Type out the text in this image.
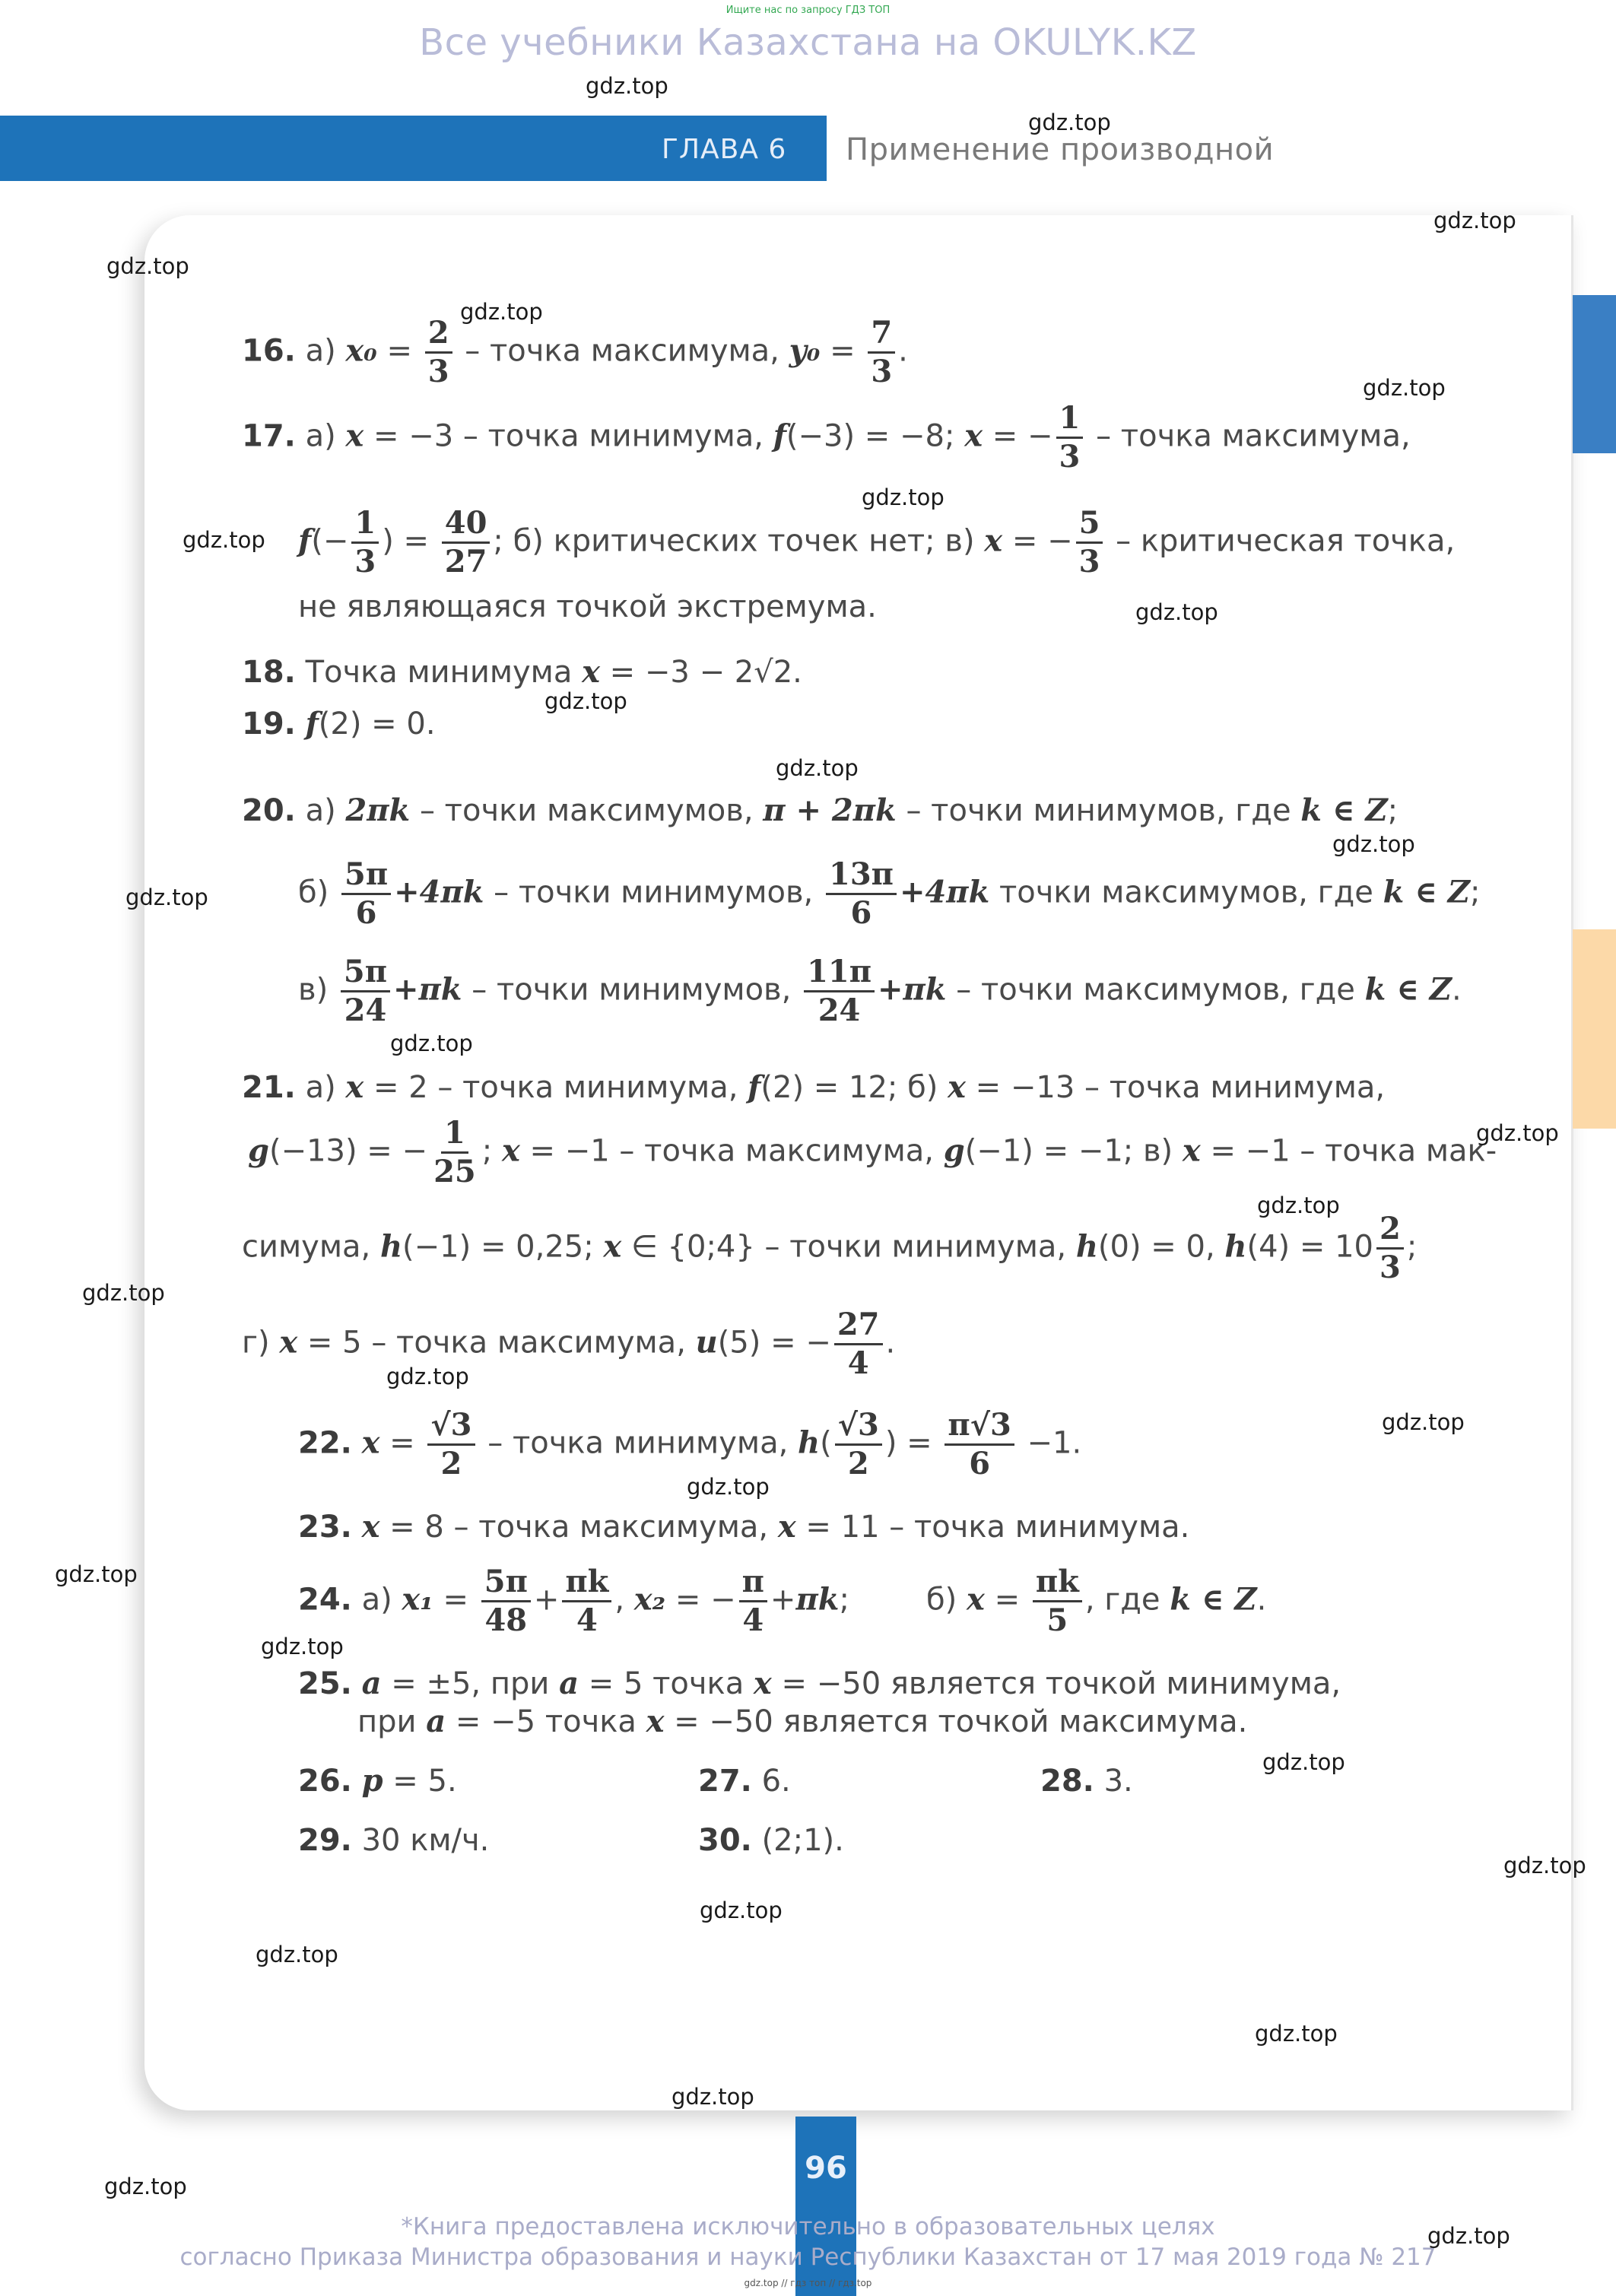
Ищите нас по запросу ГДЗ ТОП
Все учебники Казахстана на OKULYK.KZ
ГЛАВА 6 Применение производной
16. а) $x_0 = \frac{2}{3}$ – точка максимума, $y_0 = \frac{7}{3}$ .
17. а) x = −3 – точка минимума, f(−3) = −8; x = − $\frac{1}{3}$ – точка максимума,
$f(- \frac{1}{3}$ ) = $\frac{40}{27}$ ; б) критических точек нет; в) x = − $\frac{5}{3}$ – критическая точка,
не являющаяся точкой экстремума.
18. Точка минимума x = −3 − 2√2.
19. f(2) = 0.
20. а) 2πk – точки максимумов, π + 2πk – точки минимумов, где k ∈ Z;
$б) \frac{5\pi}{6} +4\pi k$ – точки минимумов, $\frac{13\pi}{6} +4\pi k$ точки максимумов, где k ∈ Z;
$в) \frac{5\pi}{24} +\pi k$ – точки минимумов, $\frac{11\pi}{24} +\pi k$ – точки максимумов, где k ∈ Z.
21. а) x = 2 – точка минимума, f(2) = 12; б) x = −13 – точка минимума,
g(−13) = − $\frac{1}{25}$ ; x = −1 – точка максимума, g(−1) = −1; в) x = −1 – точка мак-
симума, h(−1) = 0,25; x ∈ {0;4} – точки минимума, h(0) = 0, $h(4) = 10 \frac{2}{3}$ ;
г) x = 5 – точка максимума, u(5) = − $\frac{27}{4}$ .
22. $x = \frac{√3}{2}$ – точка минимума, $h( \frac{√3}{2}$ ) = $\frac{\pi√3}{6} -1$.
23. x = 8 – точка максимума, x = 11 – точка минимума.
24. а) $x_1 = \frac{5\pi}{48} + \frac{\pi k}{4}$ , x₂ = − $\frac{\pi}{4} +\pi k$;	б) $x = \frac{\pi k}{5}$ , где k ∈ Z.
25. a = ±5, при a = 5 точка x = −50 является точкой минимума,
при a = −5 точка x = −50 является точкой максимума.
26. p = 5.	27. 6.	28. 3.
29. 30 км/ч.	30. (2;1).
96
*Книга предоставлена исключительно в образовательных целях
согласно Приказа Министра образования и науки Республики Казахстан от 17 мая 2019 года № 217
gdz.top // гдз топ // гдз.top
gdz.top
gdz.top
gdz.top
gdz.top
gdz.top
gdz.top
gdz.top
gdz.top
gdz.top
gdz.top
gdz.top
gdz.top
gdz.top
gdz.top
gdz.top
gdz.top
gdz.top
gdz.top
gdz.top
gdz.top
gdz.top
gdz.top
gdz.top
gdz.top
gdz.top
gdz.top
gdz.top
gdz.top
gdz.top
gdz.top
